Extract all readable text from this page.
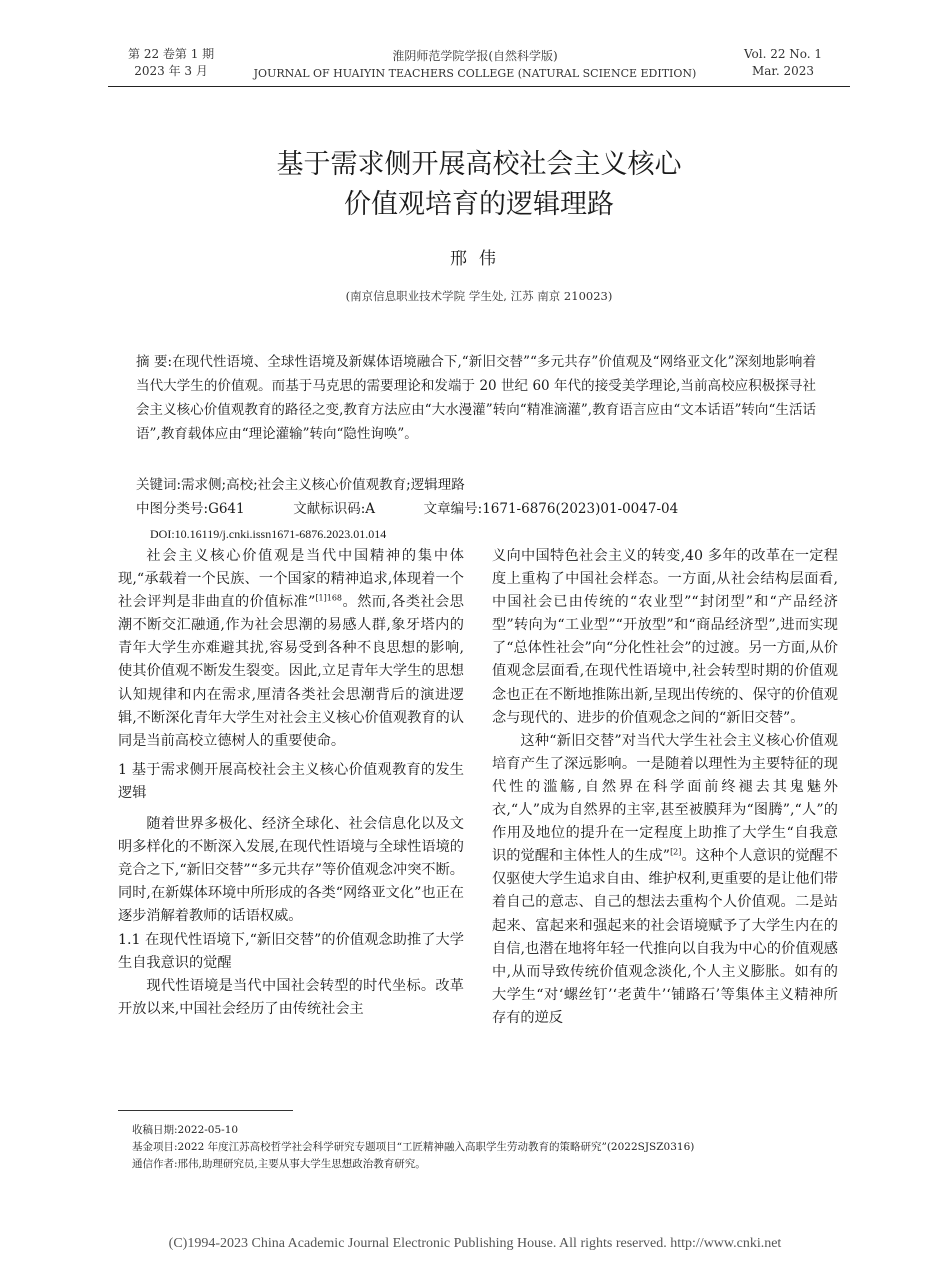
第 22 卷第 1 期
2023 年 3 月
淮阴师范学院学报(自然科学版)
JOURNAL OF HUAIYIN TEACHERS COLLEGE (NATURAL SCIENCE EDITION)
Vol. 22 No. 1
Mar. 2023
基于需求侧开展高校社会主义核心
价值观培育的逻辑理路
邢伟
(南京信息职业技术学院 学生处, 江苏 南京 210023)
摘 要:在现代性语境、全球性语境及新媒体语境融合下,“新旧交替”“多元共存”价值观及“网络亚文化”深刻地影响着当代大学生的价值观。而基于马克思的需要理论和发端于 20 世纪 60 年代的接受美学理论,当前高校应积极探寻社会主义核心价值观教育的路径之变,教育方法应由“大水漫灌”转向“精准滴灌”,教育语言应由“文本话语”转向“生活话语”,教育载体应由“理论灌输”转向“隐性询唤”。
关键词:需求侧;高校;社会主义核心价值观教育;逻辑理路
中图分类号:G641	文献标识码:A	文章编号:1671-6876(2023)01-0047-04
DOI:10.16119/j.cnki.issn1671-6876.2023.01.014

社会主义核心价值观是当代中国精神的集中体现,“承载着一个民族、一个国家的精神追求,体现着一个社会评判是非曲直的价值标准”$^{[1]168}$。然而,各类社会思潮不断交汇融通,作为社会思潮的易感人群,象牙塔内的青年大学生亦难避其扰,容易受到各种不良思想的影响,使其价值观不断发生裂变。因此,立足青年大学生的思想认知规律和内在需求,厘清各类社会思潮背后的演进逻辑,不断深化青年大学生对社会主义核心价值观教育的认同是当前高校立德树人的重要使命。

1 基于需求侧开展高校社会主义核心价值观教育的发生逻辑

随着世界多极化、经济全球化、社会信息化以及文明多样化的不断深入发展,在现代性语境与全球性语境的竞合之下,“新旧交替”“多元共存”等价值观念冲突不断。同时,在新媒体环境中所形成的各类“网络亚文化”也正在逐步消解着教师的话语权威。

1.1 在现代性语境下,“新旧交替”的价值观念助推了大学生自我意识的觉醒

现代性语境是当代中国社会转型的时代坐标。改革开放以来,中国社会经历了由传统社会主

义向中国特色社会主义的转变,40 多年的改革在一定程度上重构了中国社会样态。一方面,从社会结构层面看,中国社会已由传统的“农业型”“封闭型”和“产品经济型”转向为“工业型”“开放型”和“商品经济型”,进而实现了“总体性社会”向“分化性社会”的过渡。另一方面,从价值观念层面看,在现代性语境中,社会转型时期的价值观念也正在不断地推陈出新,呈现出传统的、保守的价值观念与现代的、进步的价值观念之间的“新旧交替”。

这种“新旧交替”对当代大学生社会主义核心价值观培育产生了深远影响。一是随着以理性为主要特征的现代性的滥觞,自然界在科学面前终褪去其鬼魅外衣,“人”成为自然界的主宰,甚至被膜拜为“图腾”,“人”的作用及地位的提升在一定程度上助推了大学生“自我意识的觉醒和主体性人的生成”[2]。这种个人意识的觉醒不仅驱使大学生追求自由、维护权利,更重要的是让他们带着自己的意志、自己的想法去重构个人价值观。二是站起来、富起来和强起来的社会语境赋予了大学生内在的自信,也潜在地将年轻一代推向以自我为中心的价值观感中,从而导致传统价值观念淡化,个人主义膨胀。如有的大学生“对‘螺丝钉’‘老黄牛’‘铺路石’等集体主义精神所存有的逆反

收稿日期:2022-05-10

基金项目:2022 年度江苏高校哲学社会科学研究专题项目“工匠精神融入高职学生劳动教育的策略研究”(2022SJSZ0316)

通信作者:邢伟,助理研究员,主要从事大学生思想政治教育研究。

(C)1994-2023 China Academic Journal Electronic Publishing House. All rights reserved. http://www.cnki.net
